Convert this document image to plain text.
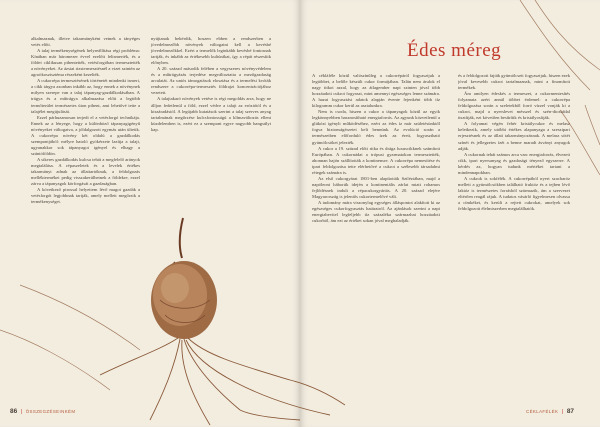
alkalmaznak, illetve takarmányként vetnek a tányéges vetés előtt.

A talaj termékenységének helyreállítása régi probléma: Kínában már háromezer évvel ezelőtt felismerték, és a földet ciklikusan pihentették, vetésforgóban termesztették a növényeket. Az ázsiai rizstermesztésnél a vizet szintén az agroökoszisztéma részeként kezelték.

A cukorrépa termesztésének történetét mindenki ismeri, a cikk tárgya azonban inkább az, hogy ennek a növénynek milyen szerepe van a talaj tápanyag-gazdálkodásában. A trágya és a műtrágya alkalmazása előtt a legtöbb termőterület természetes úton pihent, ami lehetővé tette a talajélet megújulását.

Ezzel párhuzamosan terjedt el a vetésforgó technikája. Ennek az a lényege, hogy a különböző tápanyagigényű növényeket váltogatva, a jóldalgozott egymás után ültetik. A cukorrépa növény két oldalú a gazdálkodás szempontjából: mélyre hatoló gyökérzete lazítja a talajt, ugyanakkor sok tápanyagot igényel és elhagy a szántóföldön.

A sikeres gazdálkodás kulcsa tehát a megfelelő arányok megtalálása. A répaszeletek és a levelek értékes takarmányt adnak az állattartóknak, a feldolgozás melléktermékei pedig visszakerülhetnek a földekre, ezzel zárva a tápanyagok körforgását a gazdaságban.

A következő pirossal helyettem lévő magot gazdák a vetésforgót legjobbnak tartják, amely mellett megőrzik a termékenységet.

nyújtanak bekérdik, hoszen ebben a rendszerben a jövedelmezőbb növények váltogatni kell a kevésbé jövedelmezőkkel. Ezért a termelők leginkább kevésbé fontosnak tartják, és inkább az értékesebb kultúrákat, így a répát részesítik előnyben.

A 20. század második felében a vegyszeres növényvédelem és a műtrágyázás terjedése megváltoztatta a mezőgazdaság arculatát. Az uniós támogatások elosztása és a termelési kvóták rendszere a cukorrépa-termesztés földrajzi koncentrációjához vezetett.

A talajtakaró növények vetése is régi megoldás arra, hogy ne álljon fedetlenül a föld, ezzel védve a talajt az eróziótól és a kiszáradástól. A legújabb kutatások szerint a talaj szerves anyag tartalmának megőrzése kulcsfontosságú a klímaváltozás elleni küzdelemben is, ezért ez a szempont egyre nagyobb hangsúlyt kap.

86 | ÖSSZEGZÉSEINKÉM

A cékláféle közül valószínűleg a cukorrépáról fogyasztjuk a legtöbbet, a belőle készült cukor formájában. Talán nem árulok el nagy titkot azzal, hogy az átlagember napi szinten jóval több hozzáadott cukrot fogyaszt, mint amennyi egészséges lenne számára. A hazai fogyasztási adatok alapján évente fejenként több tíz kilogramm cukor kerül az asztalunkra.

Nem is csoda, hiszen a cukor a tápanyagok közül az egyik legkönnyebben hasznosítható energiaforrás. Az agyunk közvetlenül a glükózt igényli működéséhez, ezért az édes íz már születésünktől fogva biztonságérzetet kelt bennünk. Az evolúció során a természetben előforduló édes ízek az érett, fogyasztható gyümölcsöket jelezték.

A cukor a 19. század előtt ritka és drága luxuscikknek számított Európában. A cukornádat a trópusi gyarmatokon termesztették, ahonnan hajón szállították a kontinensre. A cukorrépa nemesítése és ipari feldolgozása tette elérhetővé a cukrot a szélesebb társadalmi rétegek számára is.

Az első cukorgyárat 1801-ben alapították Sziléziában, majd a napóleoni háborúk idején a kontinentális zárlat miatt rohamos fejlődésnek indult a répacukorgyártás. A 20. század elejére Magyarország is jelentős cukortermelővé vált.

A tudomány mára viszonylag egységes álláspontot alakított ki az egészséges cukorfogyasztás határairól. Az ajánlások szerint a napi energiabevitel legfeljebb tíz százaléka származhat hozzáadott cukorból, ám ezt az értéket sokan jóval meghaladják.

és a feldolgozott fajták gyümölcseit fogyasztjuk, hiszen ezek jóval kevesebb cukrot tartalmaznak, mint a finomított termékek.

Ám amilyen édeskés a termeszet, a cukormentesítés folyamata azért annál többet érdemel: a cukorrépa feldolgozása során a szeletekből forró vízzel vonják ki a cukrot, majd a nyerslevet mésszel és szén-dioxiddal tisztítják, ezt követően besűrítik és kristályosítják.

A folyamat végén fehér kristálycukor és melasz keletkezik, amely utóbbi értékes alapanyaga a szeszipari erjesztésnek és az állati takarmányozásnak. A melasz sötét színét és jellegzetes ízét a benne maradt ásványi anyagok adják.

A cukornak tehát számos arca van: energiaforrás, élvezeti cikk, ipari nyersanyag és gazdasági tényező egyszerre. A kérdés az, hogyan tudunk mértéket tartani a mindennapokban.

A cukrok is sokfélék. A cukorrépából nyert szacharóz mellett a gyümölcsökben található fruktóz és a tejben lévő laktóz is természetes forrásból származik, ám a szervezet eltérően reagál rájuk. A tudatos vásárló figyelmesen olvassa a címkéket, és kerüli a rejtett cukrokat, amelyek sok feldolgozott élelmiszerben megtalálhatók.

CÉKLAFÉLÉK | 87
Édes méreg
